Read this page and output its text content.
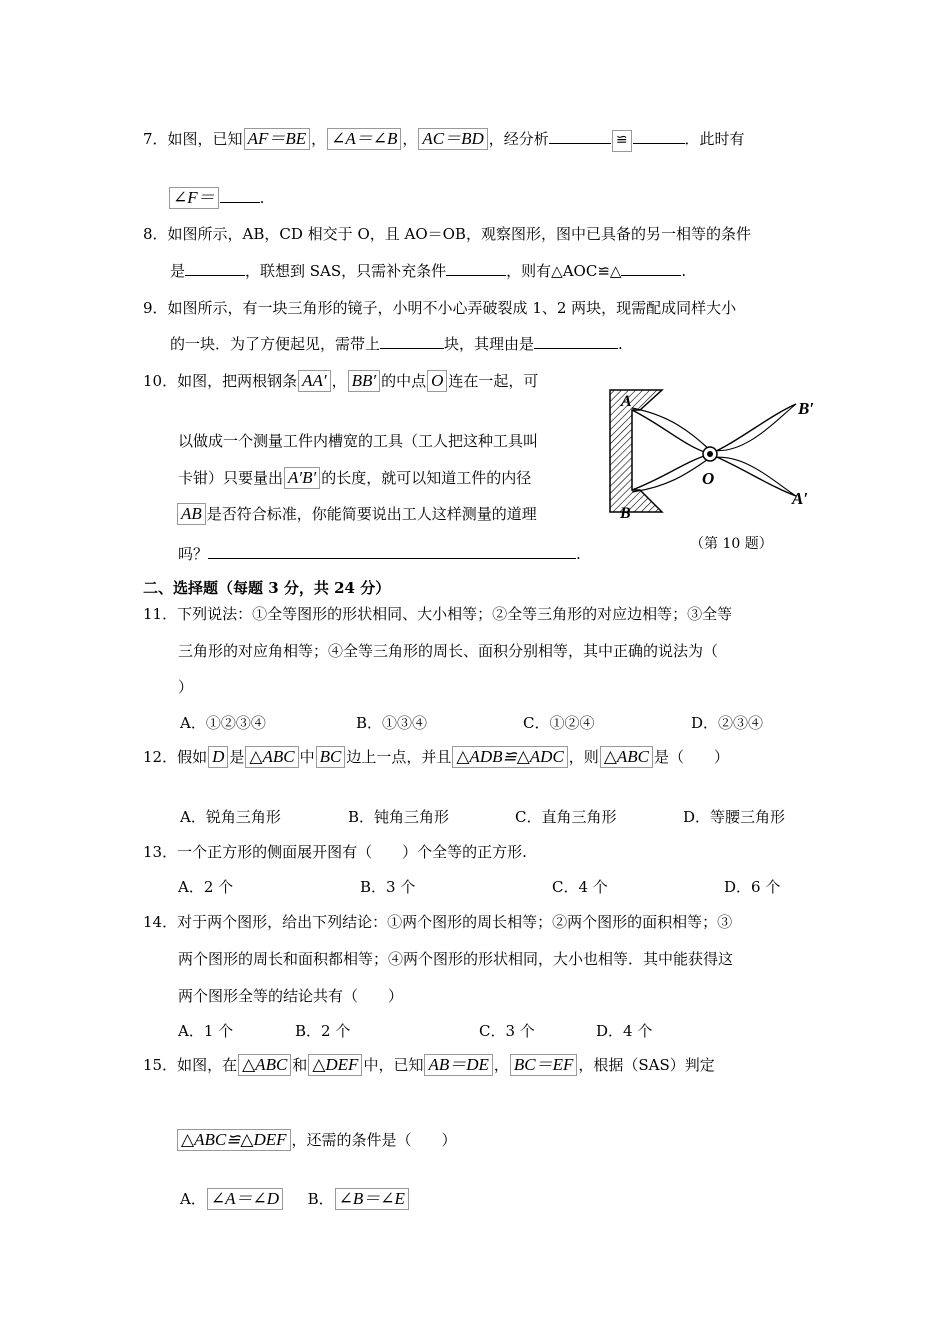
7．如图，已知 AF＝BE ， ∠A＝∠B ， AC＝BD ，经分析	≌	．此时有
∠F＝	.
8．如图所示，AB，CD 相交于 O，且 AO＝OB，观察图形，图中已具备的另一相等的条件
是	，联想到 SAS，只需补充条件	，则有△AOC≌△	.
9．如图所示，有一块三角形的镜子，小明不小心弄破裂成 1、2 两块，现需配成同样大小
的一块．为了方便起见，需带上	块，其理由是	.
10．如图，把两根钢条 AA′ ， BB′ 的中点 O 连在一起，可
以做成一个测量工件内槽宽的工具（工人把这种工具叫
卡钳）只要量出 A′B′ 的长度，就可以知道工件的内径
AB 是否符合标准，你能简要说出工人这样测量的道理
吗？	.
A
B
B′
A′
O
（第 10 题）
二、选择题（每题 3 分，共 24 分）
11．下列说法：①全等图形的形状相同、大小相等；②全等三角形的对应边相等；③全等
三角形的对应角相等；④全等三角形的周长、面积分别相等，其中正确的说法为（
）
A．①②③④	B．①③④	C．①②④	D．②③④
12．假如 D 是 △ABC 中 BC 边上一点，并且 △ADB≌△ADC ，则 △ABC 是（　　）
A．锐角三角形	B．钝角三角形	C．直角三角形	D．等腰三角形
13．一个正方形的侧面展开图有（　　）个全等的正方形.
A．2 个	B．3 个	C．4 个	D．6 个
14．对于两个图形，给出下列结论：①两个图形的周长相等；②两个图形的面积相等；③
两个图形的周长和面积都相等；④两个图形的形状相同，大小也相等．其中能获得这
两个图形全等的结论共有（　　）
A．1 个	B．2 个	C．3 个	D．4 个
15．如图，在 △ABC 和 △DEF 中，已知 AB＝DE ， BC＝EF ，根据（SAS）判定
△ABC≌△DEF ，还需的条件是（　　）
A． ∠A＝∠D B． ∠B＝∠E
